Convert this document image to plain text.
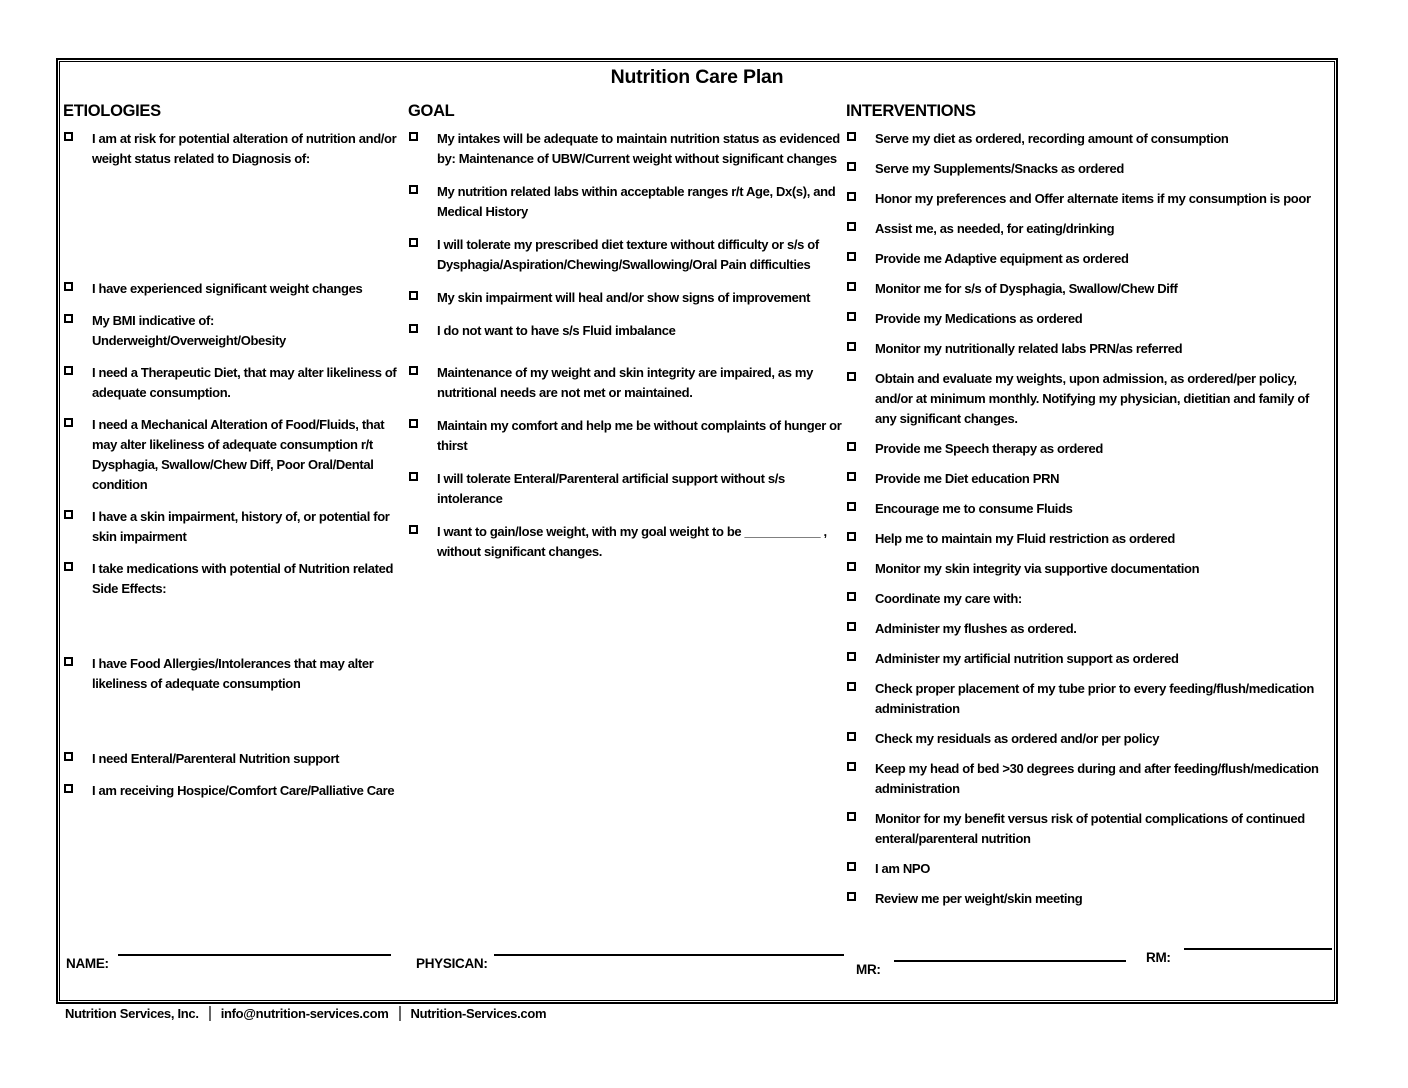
Nutrition Care Plan
ETIOLOGIES
I am at risk for potential alteration of nutrition and/or weight status related to Diagnosis of:
I have experienced significant weight changes
My BMI indicative of: Underweight/Overweight/Obesity
I need a Therapeutic Diet, that may alter likeliness of adequate consumption.
I need a Mechanical Alteration of Food/Fluids, that may alter likeliness of adequate consumption r/t Dysphagia, Swallow/Chew Diff, Poor Oral/Dental condition
I have a skin impairment, history of, or potential for skin impairment
I take medications with potential of Nutrition related Side Effects:
I have Food Allergies/Intolerances that may alter likeliness of adequate consumption
I need Enteral/Parenteral Nutrition support
I am receiving Hospice/Comfort Care/Palliative Care
GOAL
My intakes will be adequate to maintain nutrition status as evidenced by: Maintenance of UBW/Current weight without significant changes
My nutrition related labs within acceptable ranges r/t Age, Dx(s), and Medical History
I will tolerate my prescribed diet texture without difficulty or s/s of Dysphagia/Aspiration/Chewing/Swallowing/Oral Pain difficulties
My skin impairment will heal and/or show signs of improvement
I do not want to have s/s Fluid imbalance
Maintenance of my weight and skin integrity are impaired, as my nutritional needs are not met or maintained.
Maintain my comfort and help me be without complaints of hunger or thirst
I will tolerate Enteral/Parenteral artificial support without s/s intolerance
I want to gain/lose weight, with my goal weight to be ___________ , without significant changes.
INTERVENTIONS
Serve my diet as ordered, recording amount of consumption
Serve my Supplements/Snacks as ordered
Honor my preferences and Offer alternate items if my consumption is poor
Assist me, as needed, for eating/drinking
Provide me Adaptive equipment as ordered
Monitor me for s/s of Dysphagia, Swallow/Chew Diff
Provide my Medications as ordered
Monitor my nutritionally related labs PRN/as referred
Obtain and evaluate my weights, upon admission, as ordered/per policy, and/or at minimum monthly. Notifying my physician, dietitian and family of any significant changes.
Provide me Speech therapy as ordered
Provide me Diet education PRN
Encourage me to consume Fluids
Help me to maintain my Fluid restriction as ordered
Monitor my skin integrity via supportive documentation
Coordinate my care with:
Administer my flushes as ordered.
Administer my artificial nutrition support as ordered
Check proper placement of my tube prior to every feeding/flush/medication administration
Check my residuals as ordered and/or per policy
Keep my head of bed >30 degrees during and after feeding/flush/medication administration
Monitor for my benefit versus risk of potential complications of continued enteral/parenteral nutrition
I am NPO
Review me per weight/skin meeting
NAME:	PHYSICAN:	MR:
RM:
Nutrition Services, Inc. info@nutrition-services.com Nutrition-Services.com
